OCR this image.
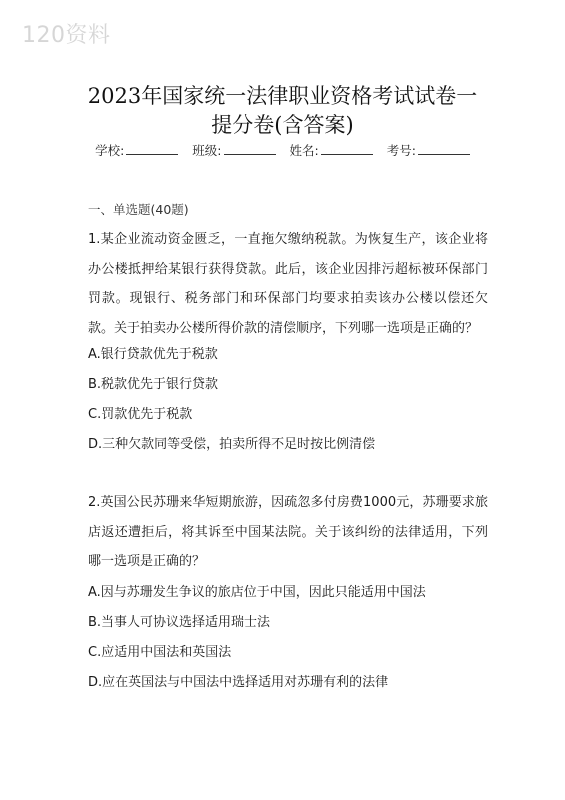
120资料
2023年国家统一法律职业资格考试试卷一
提分卷(含答案)
学校:	班级:	姓名:	考号:
一、单选题(40题)
1.某企业流动资金匮乏，一直拖欠缴纳税款。为恢复生产，该企业将办公楼抵押给某银行获得贷款。此后，该企业因排污超标被环保部门罚款。现银行、税务部门和环保部门均要求拍卖该办公楼以偿还欠款。关于拍卖办公楼所得价款的清偿顺序，下列哪一选项是正确的？
A.银行贷款优先于税款
B.税款优先于银行贷款
C.罚款优先于税款
D.三种欠款同等受偿，拍卖所得不足时按比例清偿
2.英国公民苏珊来华短期旅游，因疏忽多付房费1000元，苏珊要求旅店返还遭拒后，将其诉至中国某法院。关于该纠纷的法律适用，下列哪一选项是正确的？
A.因与苏珊发生争议的旅店位于中国，因此只能适用中国法
B.当事人可协议选择适用瑞士法
C.应适用中国法和英国法
D.应在英国法与中国法中选择适用对苏珊有利的法律
